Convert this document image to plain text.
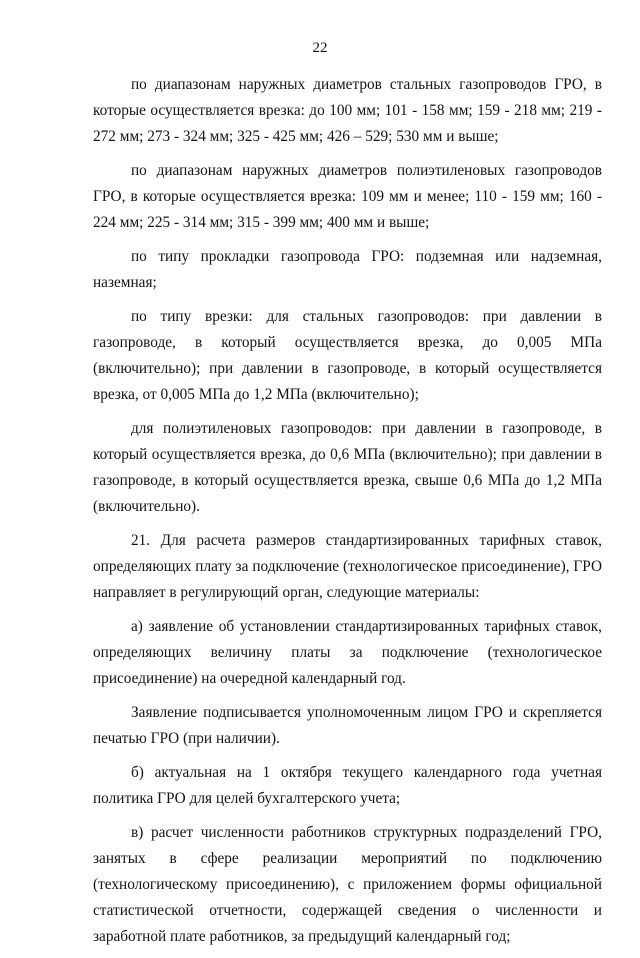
22

по диапазонам наружных диаметров стальных газопроводов ГРО, в которые осуществляется врезка: до 100 мм; 101 - 158 мм; 159 - 218 мм; 219 - 272 мм; 273 - 324 мм; 325 - 425 мм; 426 – 529; 530 мм и выше;

по диапазонам наружных диаметров полиэтиленовых газопроводов ГРО, в которые осуществляется врезка: 109 мм и менее; 110 - 159 мм; 160 - 224 мм; 225 - 314 мм; 315 - 399 мм; 400 мм и выше;

по типу прокладки газопровода ГРО: подземная или надземная, наземная;

по типу врезки: для стальных газопроводов: при давлении в газопроводе, в который осуществляется врезка, до 0,005 МПа (включительно); при давлении в газопроводе, в который осуществляется врезка, от 0,005 МПа до 1,2 МПа (включительно);

для полиэтиленовых газопроводов: при давлении в газопроводе, в который осуществляется врезка, до 0,6 МПа (включительно); при давлении в газопроводе, в который осуществляется врезка, свыше 0,6 МПа до 1,2 МПа (включительно).

21. Для расчета размеров стандартизированных тарифных ставок, определяющих плату за подключение (технологическое присоединение), ГРО направляет в регулирующий орган, следующие материалы:

а) заявление об установлении стандартизированных тарифных ставок, определяющих величину платы за подключение (технологическое присоединение) на очередной календарный год.

Заявление подписывается уполномоченным лицом ГРО и скрепляется печатью ГРО (при наличии).

б) актуальная на 1 октября текущего календарного года учетная политика ГРО для целей бухгалтерского учета;

в) расчет численности работников структурных подразделений ГРО, занятых в сфере реализации мероприятий по подключению (технологическому присоединению), с приложением формы официальной статистической отчетности, содержащей сведения о численности и заработной плате работников, за предыдущий календарный год;
